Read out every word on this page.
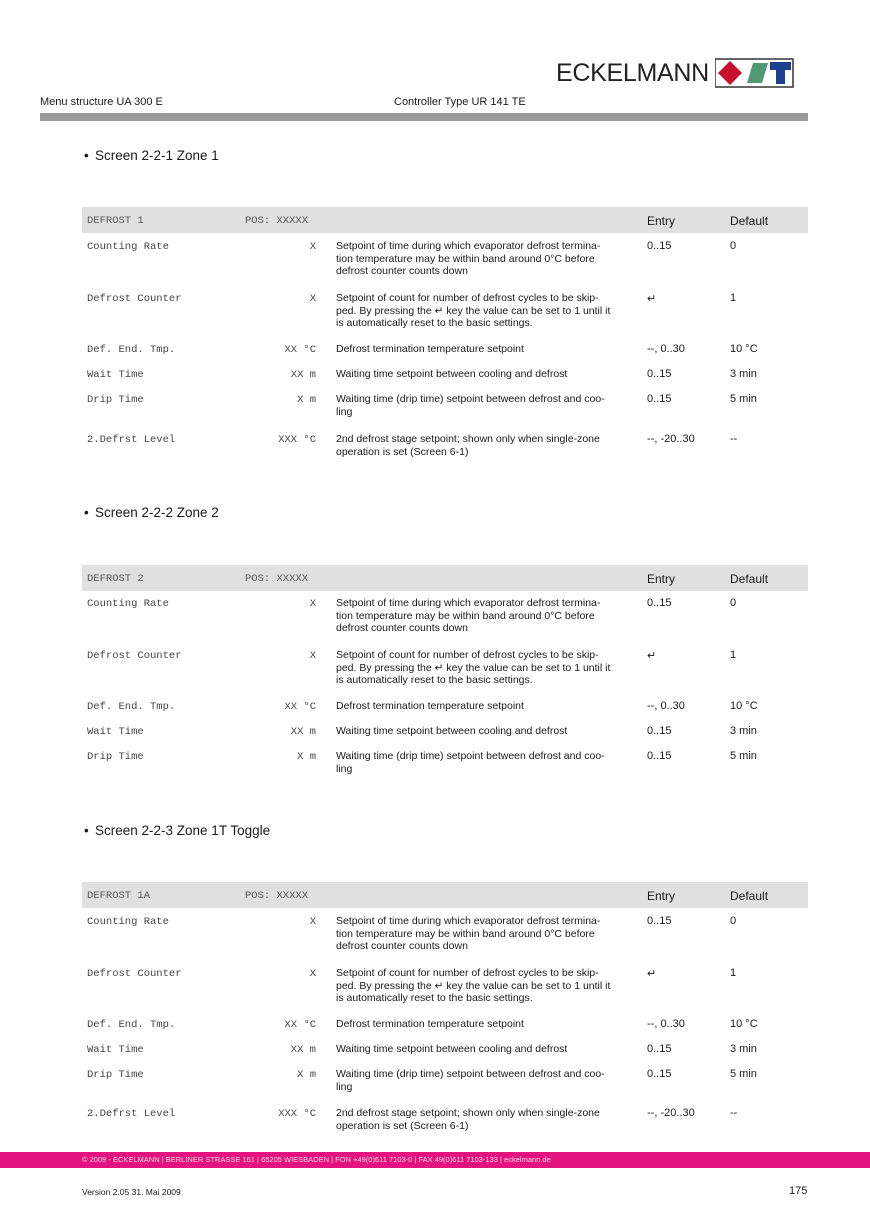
ECKELMANN
Menu structure UA 300 E	Controller Type UR 141 TE
• Screen 2-2-1 Zone 1
DEFROST 1	POS: XXXXX	Entry	Default
Counting Rate	X Setpoint of time during which evaporator defrost termina-
tion temperature may be within band around 0°C before
defrost counter counts down
0..15	0
Defrost Counter	X Setpoint of count for number of defrost cycles to be skip-
ped. By pressing the ↵ key the value can be set to 1 until it
is automatically reset to the basic settings.
↵	1
Def. End. Tmp.	XX °C Defrost termination temperature setpoint	--, 0..30	10 °C
Wait Time	XX m Waiting time setpoint between cooling and defrost	0..15	3 min
Drip Time	X m Waiting time (drip time) setpoint between defrost and coo-
ling
0..15	5 min
2.Defrst Level	XXX °C 2nd defrost stage setpoint; shown only when single-zone
operation is set (Screen 6-1)
--, -20..30	--
• Screen 2-2-2 Zone 2
DEFROST 2	POS: XXXXX	Entry	Default
Counting Rate	X Setpoint of time during which evaporator defrost termina-
tion temperature may be within band around 0°C before
defrost counter counts down
0..15	0
Defrost Counter	X Setpoint of count for number of defrost cycles to be skip-
ped. By pressing the ↵ key the value can be set to 1 until it
is automatically reset to the basic settings.
↵	1
Def. End. Tmp.	XX °C Defrost termination temperature setpoint	--, 0..30	10 °C
Wait Time	XX m Waiting time setpoint between cooling and defrost	0..15	3 min
Drip Time	X m Waiting time (drip time) setpoint between defrost and coo-
ling
0..15	5 min
• Screen 2-2-3 Zone 1T Toggle
DEFROST 1A	POS: XXXXX	Entry	Default
Counting Rate	X Setpoint of time during which evaporator defrost termina-
tion temperature may be within band around 0°C before
defrost counter counts down
0..15	0
Defrost Counter	X Setpoint of count for number of defrost cycles to be skip-
ped. By pressing the ↵ key the value can be set to 1 until it
is automatically reset to the basic settings.
↵	1
Def. End. Tmp.	XX °C Defrost termination temperature setpoint	--, 0..30	10 °C
Wait Time	XX m Waiting time setpoint between cooling and defrost	0..15	3 min
Drip Time	X m Waiting time (drip time) setpoint between defrost and coo-
ling
0..15	5 min
2.Defrst Level	XXX °C 2nd defrost stage setpoint; shown only when single-zone
operation is set (Screen 6-1)
--, -20..30	--
© 2009 - ECKELMANN | BERLINER STRASSE 161 | 65205 WIESBADEN | FON +49(0)611 7103-0 | FAX 49(0)611 7103-133 | eckelmann.de
Version 2.05 31. Mai 2009	175
